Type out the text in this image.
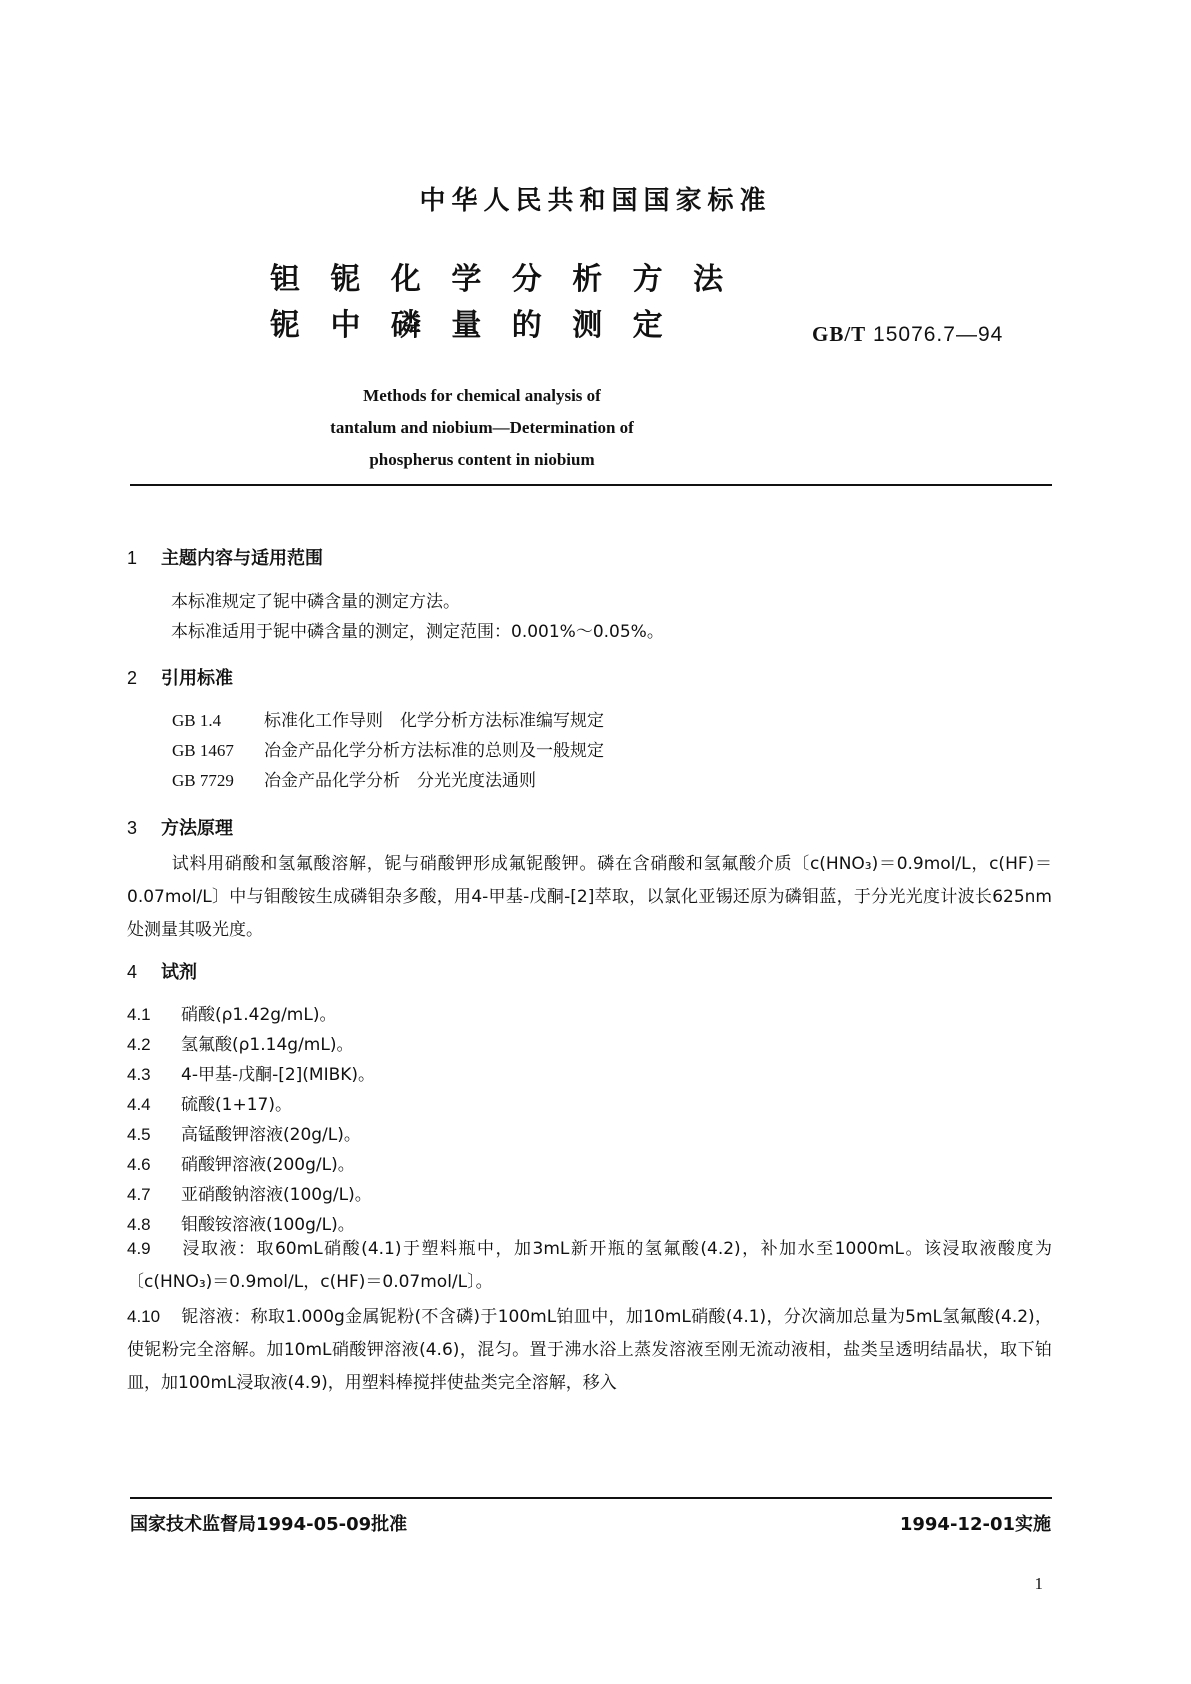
中华人民共和国国家标准
钽 铌 化 学 分 析 方 法
铌 中 磷 量 的 测 定	GB/T 15076.7—94
Methods for chemical analysis of
tantalum and niobium—Determination of
phospherus content in niobium
1 主题内容与适用范围
本标准规定了铌中磷含量的测定方法。
本标准适用于铌中磷含量的测定，测定范围：0.001%～0.05%。
2 引用标准
GB 1.4	标准化工作导则　化学分析方法标准编写规定
GB 1467 冶金产品化学分析方法标准的总则及一般规定
GB 7729 冶金产品化学分析　分光光度法通则
3 方法原理
试料用硝酸和氢氟酸溶解，铌与硝酸钾形成氟铌酸钾。磷在含硝酸和氢氟酸介质〔c(HNO₃)＝0.9mol/L，c(HF)＝0.07mol/L〕中与钼酸铵生成磷钼杂多酸，用4-甲基-戊酮-[2]萃取，以氯化亚锡还原为磷钼蓝，于分光光度计波长625nm处测量其吸光度。
4 试剂
4.1 硝酸(ρ1.42g/mL)。
4.2 氢氟酸(ρ1.14g/mL)。
4.3 4-甲基-戊酮-[2](MIBK)。
4.4 硫酸(1+17)。
4.5 高锰酸钾溶液(20g/L)。
4.6 硝酸钾溶液(200g/L)。
4.7 亚硝酸钠溶液(100g/L)。
4.8 钼酸铵溶液(100g/L)。
4.9 浸取液：取60mL硝酸(4.1)于塑料瓶中，加3mL新开瓶的氢氟酸(4.2)，补加水至1000mL。该浸取液酸度为〔c(HNO₃)＝0.9mol/L，c(HF)＝0.07mol/L〕。
4.10 铌溶液：称取1.000g金属铌粉(不含磷)于100mL铂皿中，加10mL硝酸(4.1)，分次滴加总量为5mL氢氟酸(4.2)，使铌粉完全溶解。加10mL硝酸钾溶液(4.6)，混匀。置于沸水浴上蒸发溶液至刚无流动液相，盐类呈透明结晶状，取下铂皿，加100mL浸取液(4.9)，用塑料棒搅拌使盐类完全溶解，移入
国家技术监督局1994-05-09批准	1994-12-01实施
1
